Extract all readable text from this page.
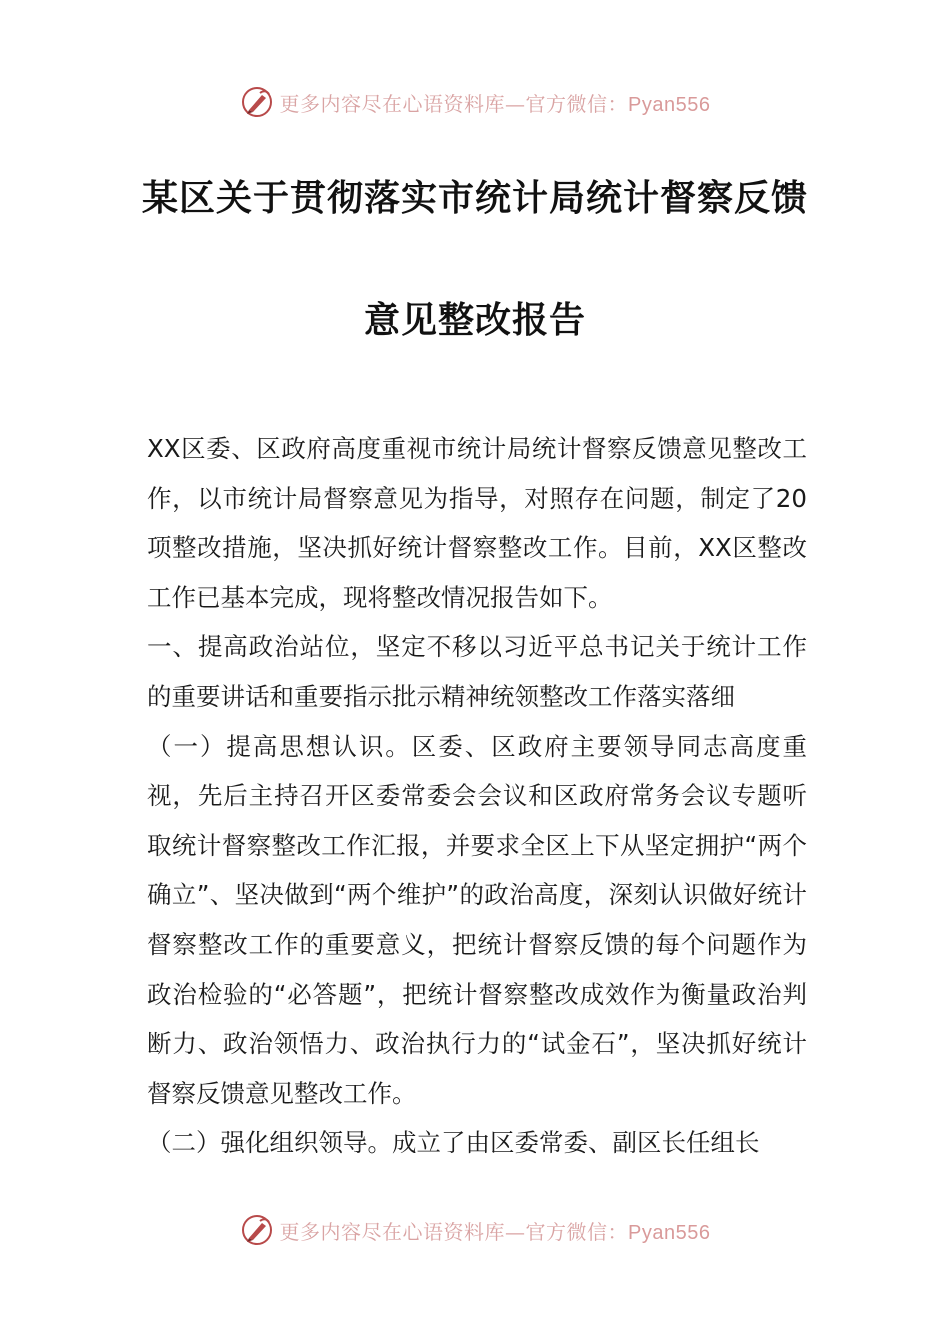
更多内容尽在心语资料库—官方微信：Pyan556
某区关于贯彻落实市统计局统计督察反馈
意见整改报告

XX区委、区政府高度重视市统计局统计督察反馈意见整改工作，以市统计局督察意见为指导，对照存在问题，制定了20项整改措施，坚决抓好统计督察整改工作。目前，XX区整改工作已基本完成，现将整改情况报告如下。

一、提高政治站位，坚定不移以习近平总书记关于统计工作的重要讲话和重要指示批示精神统领整改工作落实落细

（一）提高思想认识。区委、区政府主要领导同志高度重视，先后主持召开区委常委会会议和区政府常务会议专题听取统计督察整改工作汇报，并要求全区上下从坚定拥护“两个确立”、坚决做到“两个维护”的政治高度，深刻认识做好统计督察整改工作的重要意义，把统计督察反馈的每个问题作为政治检验的“必答题”，把统计督察整改成效作为衡量政治判断力、政治领悟力、政治执行力的“试金石”，坚决抓好统计督察反馈意见整改工作。

（二）强化组织领导。成立了由区委常委、副区长任组长

更多内容尽在心语资料库—官方微信：Pyan556
